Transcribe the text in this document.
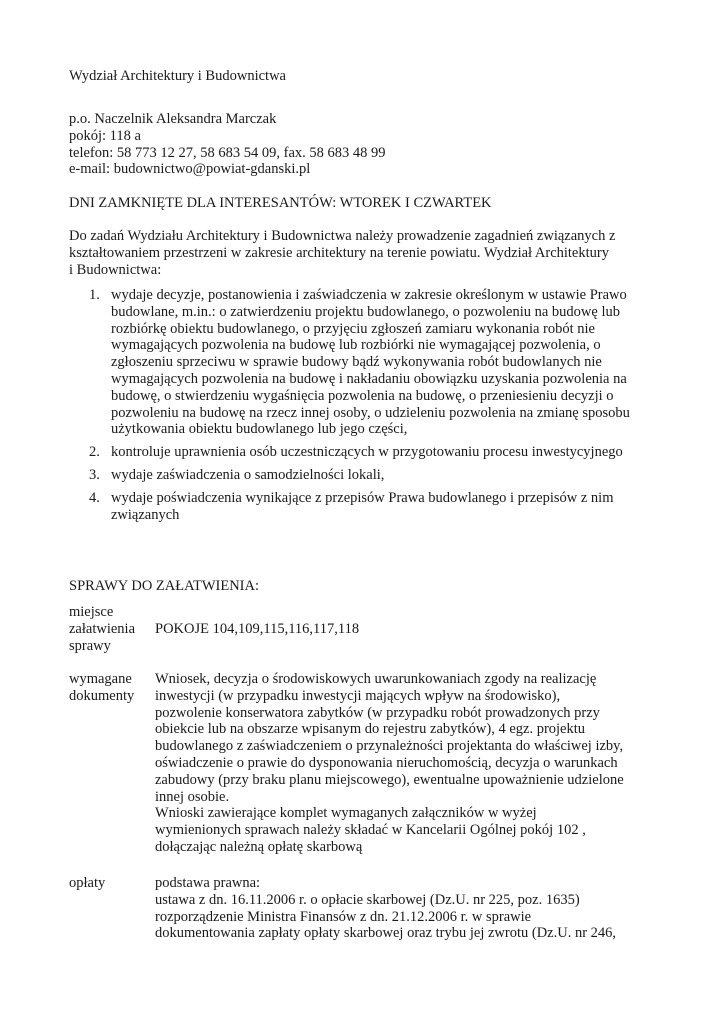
Wydział Architektury i Budownictwa
p.o. Naczelnik Aleksandra Marczak
pokój: 118 a
telefon: 58 773 12 27, 58 683 54 09, fax. 58 683 48 99
e-mail: budownictwo@powiat-gdanski.pl
DNI ZAMKNIĘTE DLA INTERESANTÓW: WTOREK I CZWARTEK
Do zadań Wydziału Architektury i Budownictwa należy prowadzenie zagadnień związanych z
kształtowaniem przestrzeni w zakresie architektury na terenie powiatu. Wydział Architektury
i Budownictwa:
1. wydaje decyzje, postanowienia i zaświadczenia w zakresie określonym w ustawie Prawo
budowlane, m.in.: o zatwierdzeniu projektu budowlanego, o pozwoleniu na budowę lub
rozbiórkę obiektu budowlanego, o przyjęciu zgłoszeń zamiaru wykonania robót nie
wymagających pozwolenia na budowę lub rozbiórki nie wymagającej pozwolenia, o
zgłoszeniu sprzeciwu w sprawie budowy bądź wykonywania robót budowlanych nie
wymagających pozwolenia na budowę i nakładaniu obowiązku uzyskania pozwolenia na
budowę, o stwierdzeniu wygaśnięcia pozwolenia na budowę, o przeniesieniu decyzji o
pozwoleniu na budowę na rzecz innej osoby, o udzieleniu pozwolenia na zmianę sposobu
użytkowania obiektu budowlanego lub jego części,
2. kontroluje uprawnienia osób uczestniczących w przygotowaniu procesu inwestycyjnego
3. wydaje zaświadczenia o samodzielności lokali,
4. wydaje poświadczenia wynikające z przepisów Prawa budowlanego i przepisów z nim
związanych
SPRAWY DO ZAŁATWIENIA:
miejsce
załatwienia
sprawy
POKOJE 104,109,115,116,117,118
wymagane
dokumenty
Wniosek, decyzja o środowiskowych uwarunkowaniach zgody na realizację
inwestycji (w przypadku inwestycji mających wpływ na środowisko),
pozwolenie konserwatora zabytków (w przypadku robót prowadzonych przy
obiekcie lub na obszarze wpisanym do rejestru zabytków), 4 egz. projektu
budowlanego z zaświadczeniem o przynależności projektanta do właściwej izby,
oświadczenie o prawie do dysponowania nieruchomością, decyzja o warunkach
zabudowy (przy braku planu miejscowego), ewentualne upoważnienie udzielone
innej osobie.
Wnioski zawierające komplet wymaganych załączników w wyżej
wymienionych sprawach należy składać w Kancelarii Ogólnej pokój 102 ,
dołączając należną opłatę skarbową
opłaty	podstawa prawna:
ustawa z dn. 16.11.2006 r. o opłacie skarbowej (Dz.U. nr 225, poz. 1635)
rozporządzenie Ministra Finansów z dn. 21.12.2006 r. w sprawie
dokumentowania zapłaty opłaty skarbowej oraz trybu jej zwrotu (Dz.U. nr 246,
